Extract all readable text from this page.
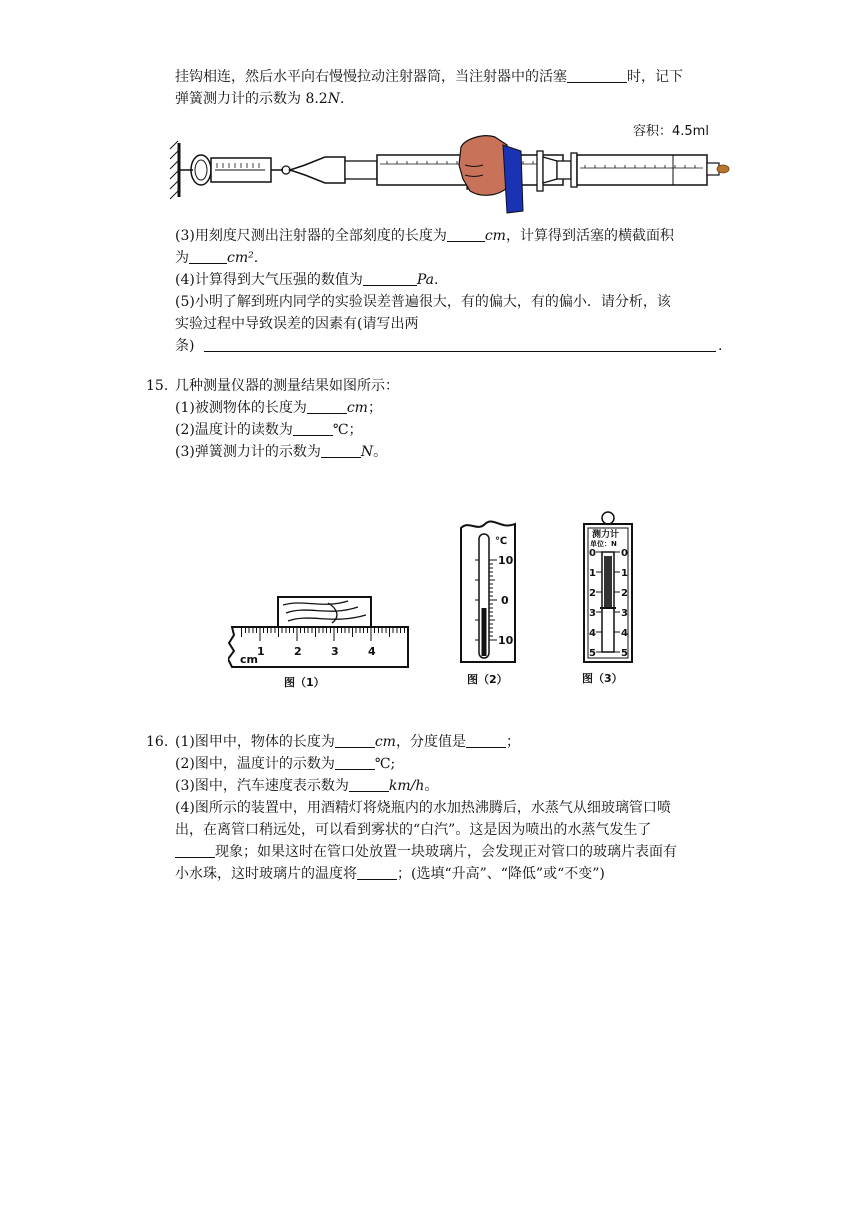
挂钩相连，然后水平向右慢慢拉动注射器筒，当注射器中的活塞	时，记下
弹簧测力计的示数为 8.2N.
容积：4.5ml
(3)用刻度尺测出注射器的全部刻度的长度为	cm，计算得到活塞的横截面积
为	cm².
(4)计算得到大气压强的数值为	Pa.
(5)小明了解到班内同学的实验误差普遍很大，有的偏大，有的偏小．请分析，该
实验过程中导致误差的因素有(请写出两
条)	.
15. 几种测量仪器的测量结果如图所示：
(1)被测物体的长度为	cm；
(2)温度计的读数为	℃；
(3)弹簧测力计的示数为	N。
cm
1	2	3	4
图（1）
℃
10
0
10
图（2）
测力计
单位：N
0
1
2
3
4
5
0
1
2
3
4
5
图（3）
16. (1)图甲中，物体的长度为	cm，分度值是	；
(2)图中，温度计的示数为	℃;
(3)图中，汽车速度表示数为	km/h。
(4)图所示的装置中，用酒精灯将烧瓶内的水加热沸腾后，水蒸气从细玻璃管口喷
出，在离管口稍远处，可以看到雾状的“白汽”。这是因为喷出的水蒸气发生了
现象；如果这时在管口处放置一块玻璃片，会发现正对管口的玻璃片表面有
小水珠，这时玻璃片的温度将	；(选填“升高”、“降低”或“不变”)
